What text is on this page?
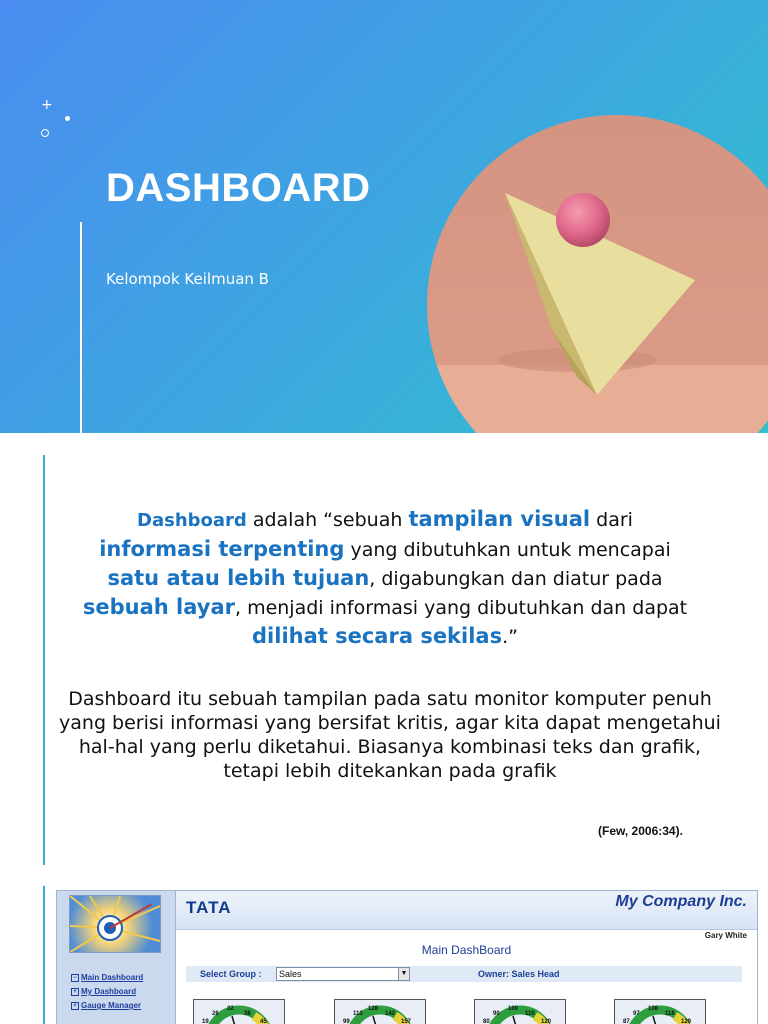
+
DASHBOARD
Kelompok Keilmuan B
Dashboard adalah “sebuah tampilan visual dari
informasi terpenting yang dibutuhkan untuk mencapai
satu atau lebih tujuan, digabungkan dan diatur pada
sebuah layar, menjadi informasi yang dibutuhkan dan dapat dilihat secara sekilas.”
Dashboard itu sebuah tampilan pada satu monitor komputer penuh yang berisi informasi yang bersifat kritis, agar kita dapat mengetahui hal-hal yang perlu diketahui. Biasanya kombinasi teks dan grafik, tetapi lebih ditekankan pada grafik
(Few, 2006:34).
− Main Dashboard
+ My Dashboard
+ Gauge Manager
TATA	My Company Inc.
Gary White
Main DashBoard
Select Group : Sales	▼	Owner: Sales Head
19
26
32
38
45	99
113
128
142
157	80
90
100
110
120	87
97
108
118
129
